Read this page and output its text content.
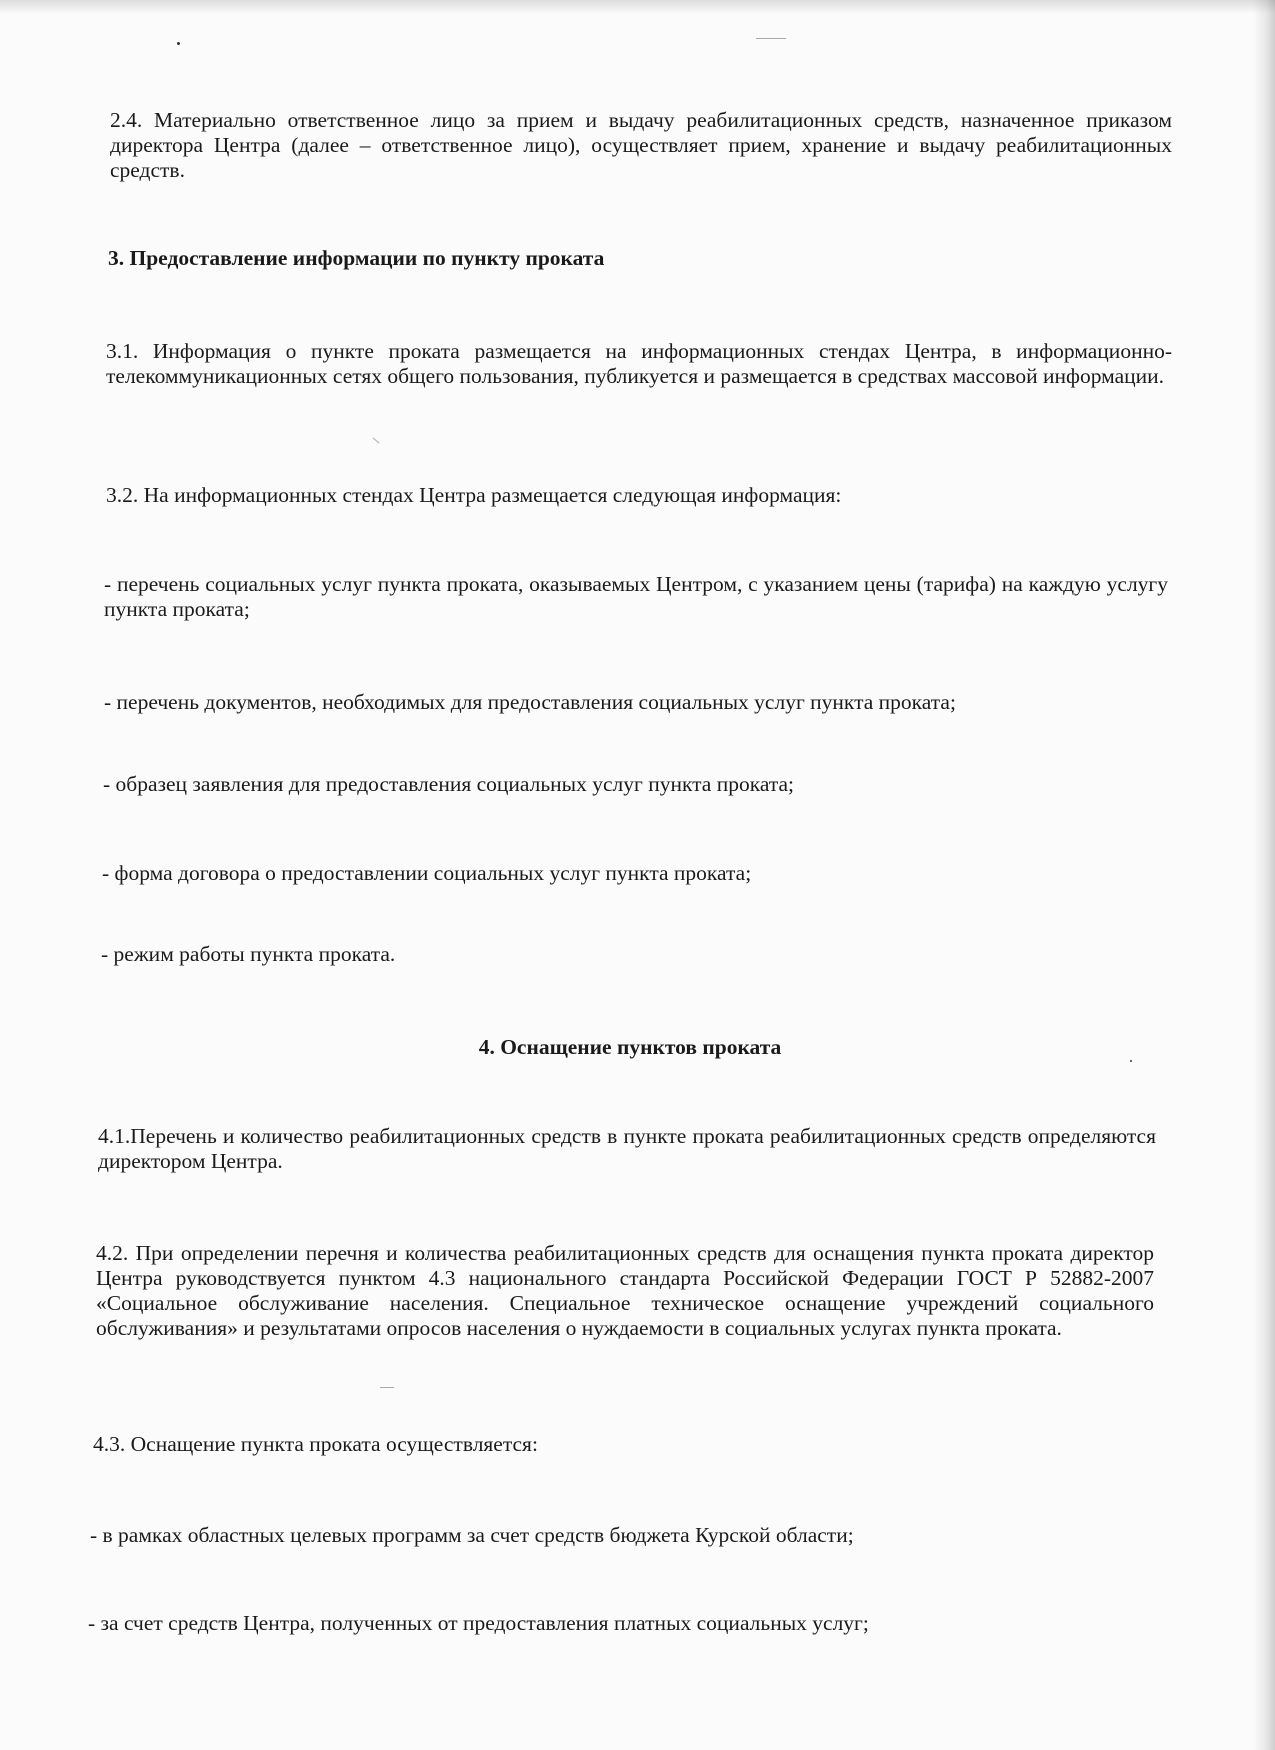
2.4. Материально ответственное лицо за прием и выдачу реабилитационных средств, назначенное приказом директора Центра (далее – ответственное лицо), осуществляет прием, хранение и выдачу реабилитационных средств.

3. Предоставление информации по пункту проката

3.1. Информация о пункте проката размещается на информационных стендах Центра, в информационно-телекоммуникационных сетях общего пользования, публикуется и размещается в средствах массовой информации.

3.2. На информационных стендах Центра размещается следующая информация:

- перечень социальных услуг пункта проката, оказываемых Центром, с указанием цены (тарифа) на каждую услугу пункта проката;

- перечень документов, необходимых для предоставления социальных услуг пункта проката;

- образец заявления для предоставления социальных услуг пункта проката;

- форма договора о предоставлении социальных услуг пункта проката;

- режим работы пункта проката.

4. Оснащение пунктов проката

4.1.Перечень и количество реабилитационных средств в пункте проката реабилитационных средств определяются директором Центра.

4.2. При определении перечня и количества реабилитационных средств для оснащения пункта проката директор Центра руководствуется пунктом 4.3 национального стандарта Российской Федерации ГОСТ Р 52882-2007 «Социальное обслуживание населения. Специальное техническое оснащение учреждений социального обслуживания» и результатами опросов населения о нуждаемости в социальных услугах пункта проката.

4.3. Оснащение пункта проката осуществляется:

- в рамках областных целевых программ за счет средств бюджета Курской области;

- за счет средств Центра, полученных от предоставления платных социальных услуг;
